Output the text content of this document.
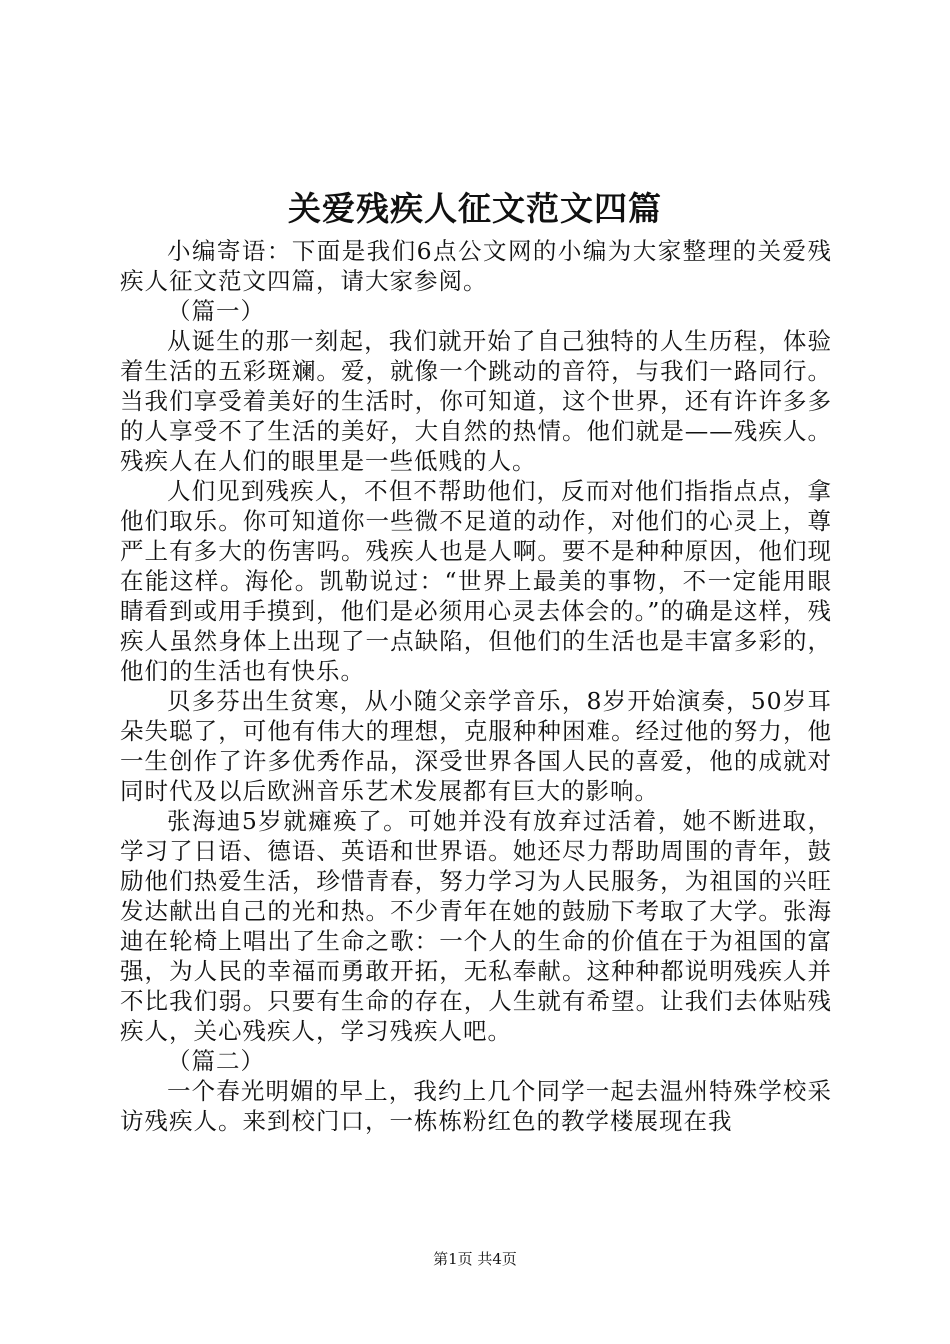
关爱残疾人征文范文四篇

小编寄语：下面是我们6点公文网的小编为大家整理的关爱残疾人征文范文四篇，请大家参阅。

（篇一）

从诞生的那一刻起，我们就开始了自己独特的人生历程，体验着生活的五彩斑斓。爱，就像一个跳动的音符，与我们一路同行。当我们享受着美好的生活时，你可知道，这个世界，还有许许多多的人享受不了生活的美好，大自然的热情。他们就是——残疾人。残疾人在人们的眼里是一些低贱的人。

人们见到残疾人，不但不帮助他们，反而对他们指指点点，拿他们取乐。你可知道你一些微不足道的动作，对他们的心灵上，尊严上有多大的伤害吗。残疾人也是人啊。要不是种种原因，他们现在能这样。海伦。凯勒说过：“世界上最美的事物，不一定能用眼睛看到或用手摸到，他们是必须用心灵去体会的。”的确是这样，残疾人虽然身体上出现了一点缺陷，但他们的生活也是丰富多彩的，他们的生活也有快乐。

贝多芬出生贫寒，从小随父亲学音乐，8岁开始演奏，50岁耳朵失聪了，可他有伟大的理想，克服种种困难。经过他的努力，他一生创作了许多优秀作品，深受世界各国人民的喜爱，他的成就对同时代及以后欧洲音乐艺术发展都有巨大的影响。

张海迪5岁就瘫痪了。可她并没有放弃过活着，她不断进取，学习了日语、德语、英语和世界语。她还尽力帮助周围的青年，鼓励他们热爱生活，珍惜青春，努力学习为人民服务，为祖国的兴旺发达献出自己的光和热。不少青年在她的鼓励下考取了大学。张海迪在轮椅上唱出了生命之歌：一个人的生命的价值在于为祖国的富强，为人民的幸福而勇敢开拓，无私奉献。这种种都说明残疾人并不比我们弱。只要有生命的存在，人生就有希望。让我们去体贴残疾人，关心残疾人，学习残疾人吧。

（篇二）

一个春光明媚的早上，我约上几个同学一起去温州特殊学校采访残疾人。来到校门口，一栋栋粉红色的教学楼展现在我

第1页 共4页
